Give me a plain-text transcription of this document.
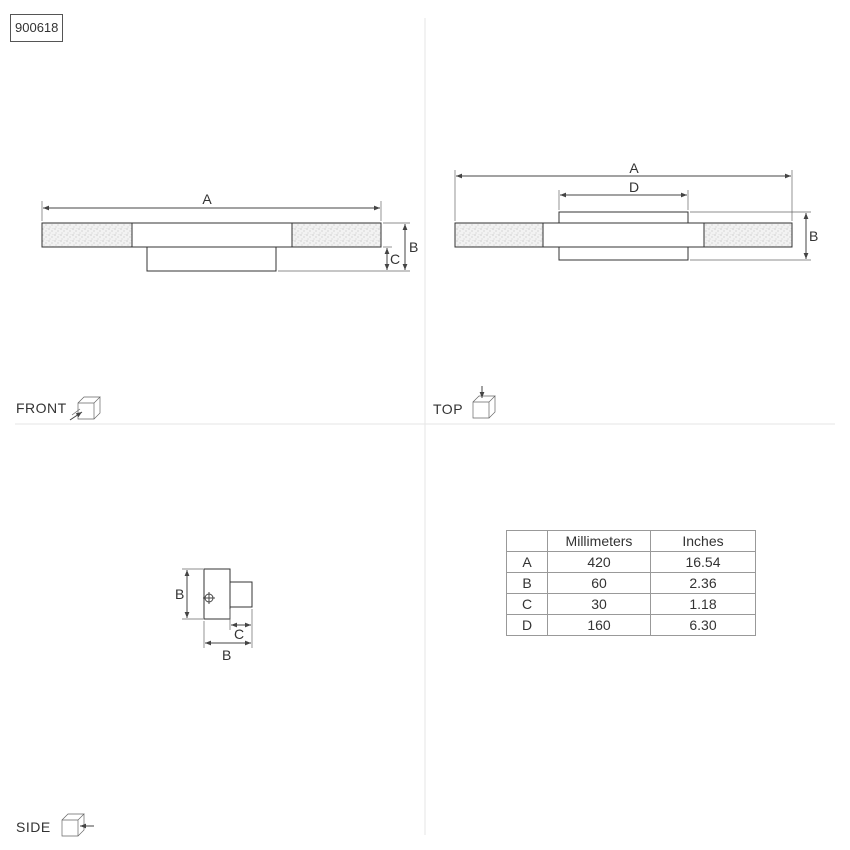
900618
A
B
C
FRONT
A
D
B
TOP
B
C
B
SIDE
	Millimeters	Inches
A	420	16.54
B	60	2.36
C	30	1.18
D	160	6.30
